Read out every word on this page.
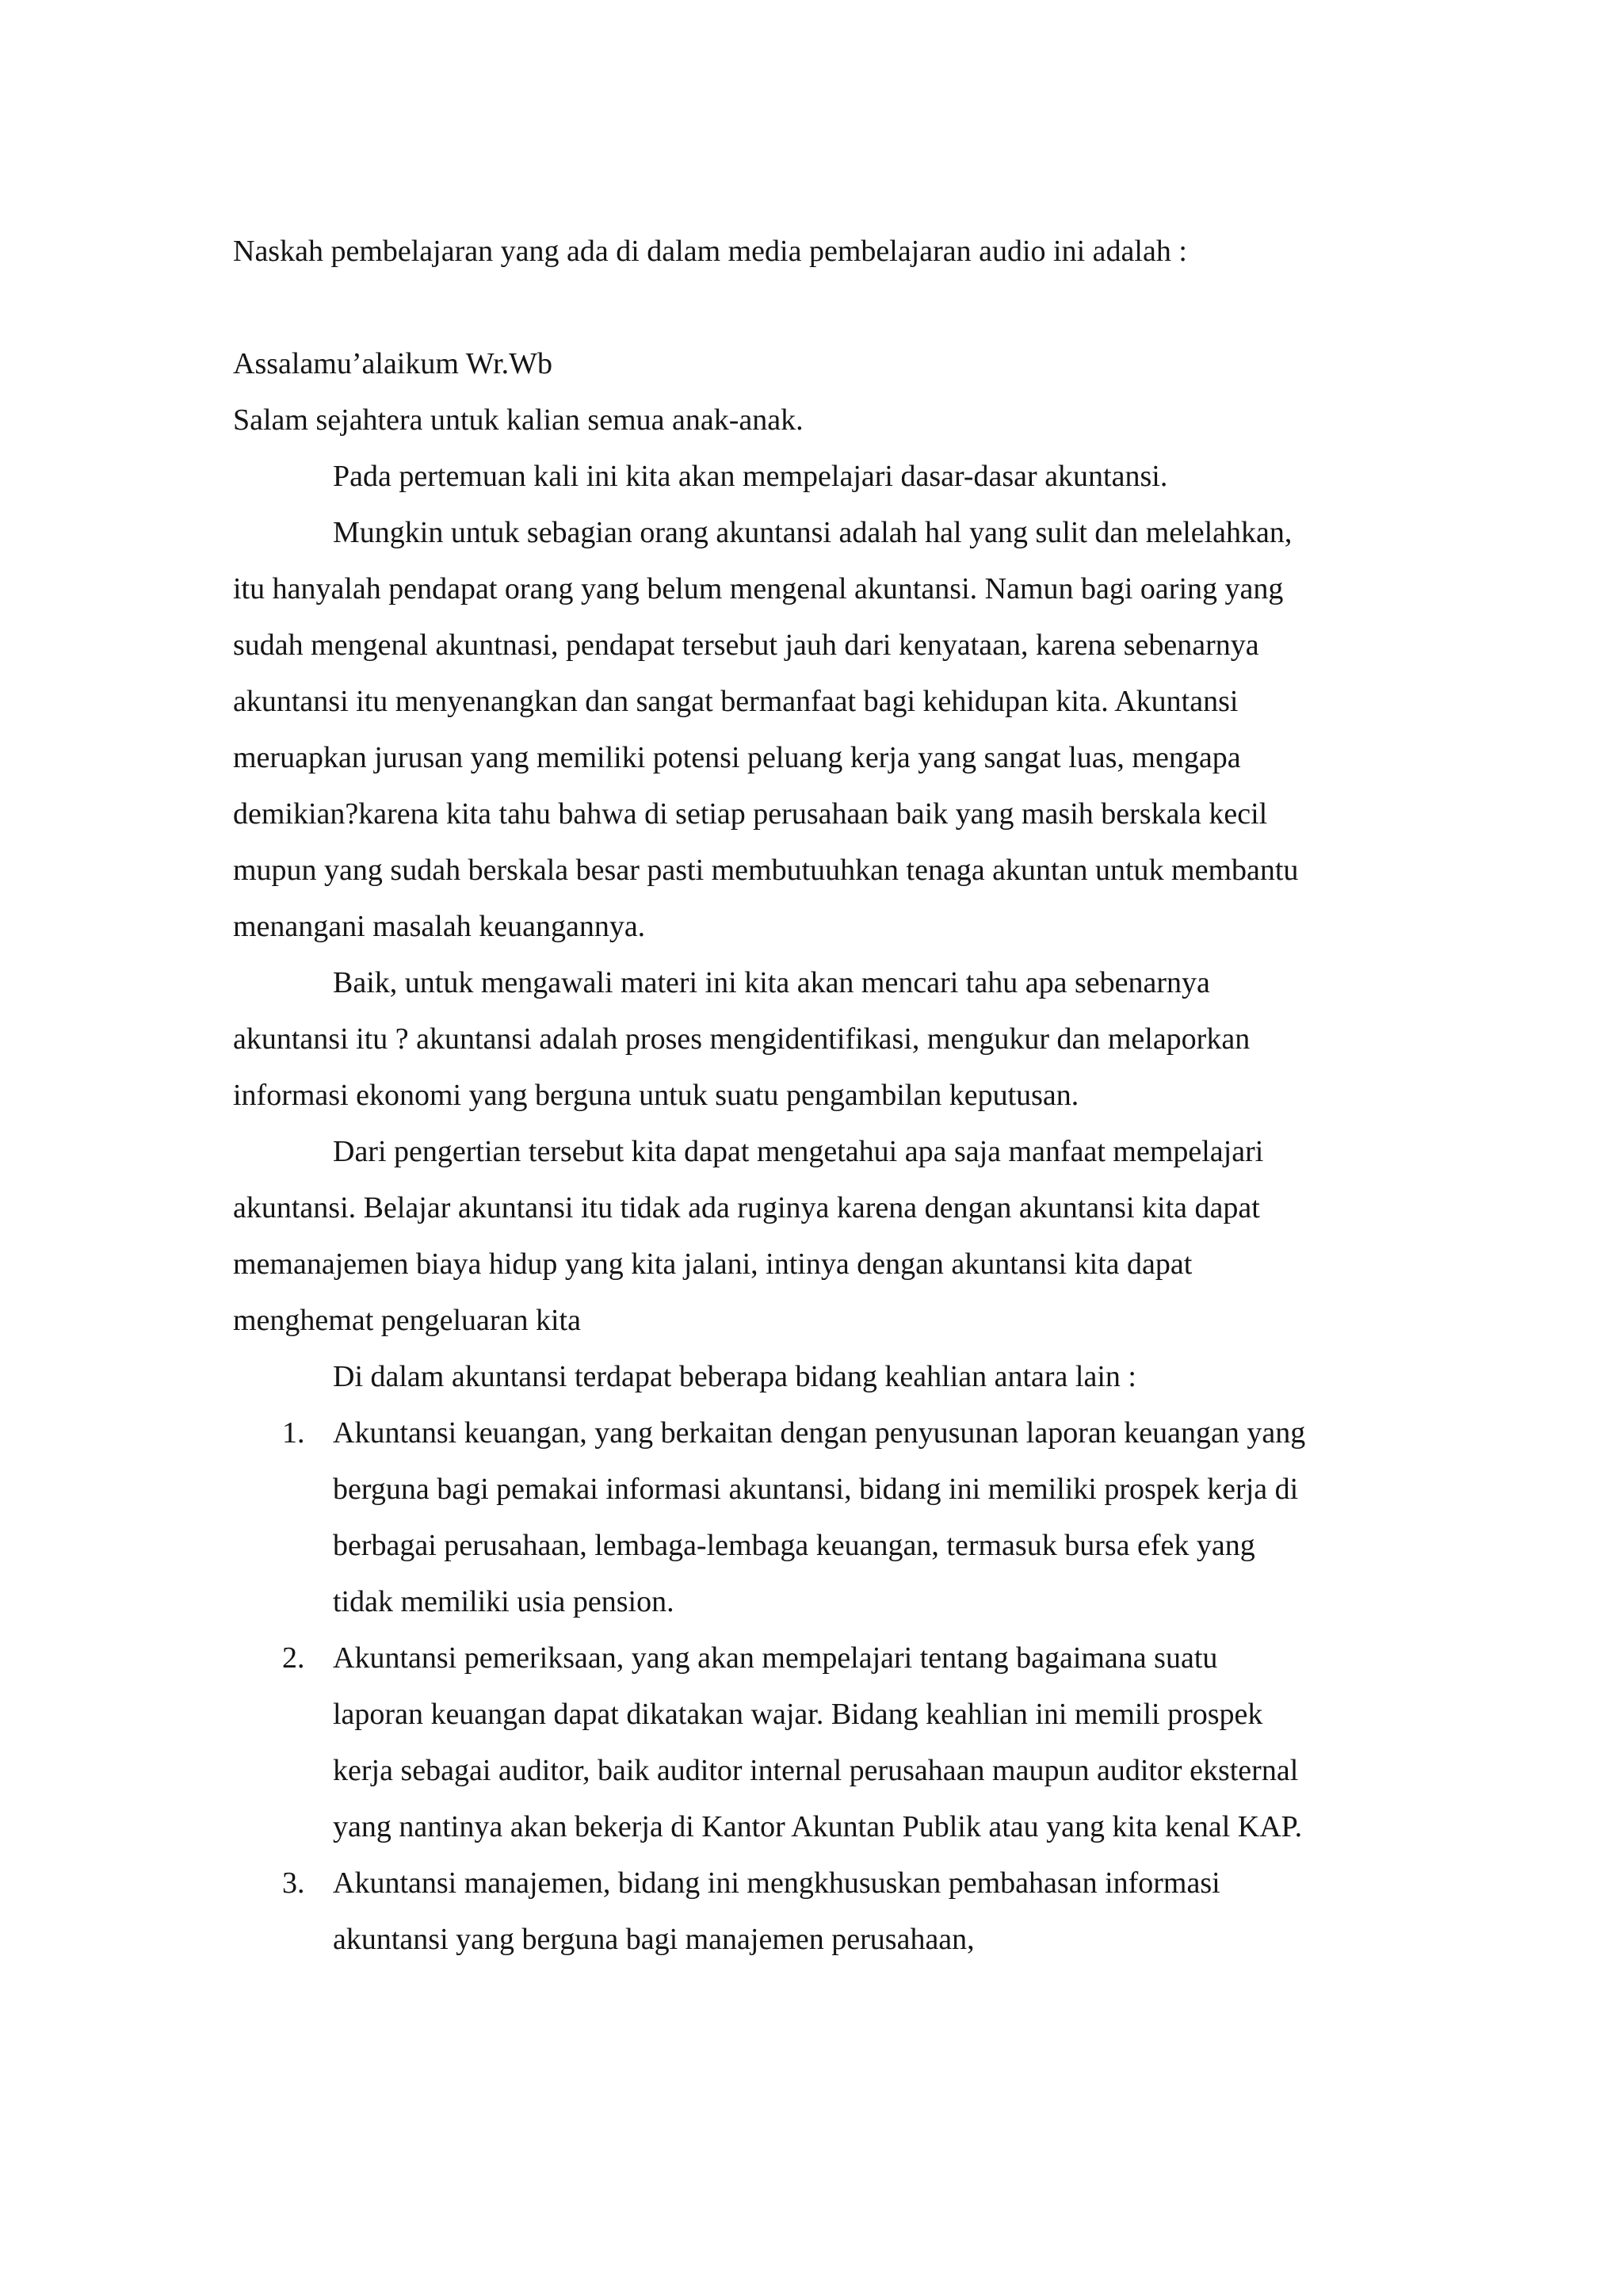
Naskah pembelajaran yang ada di dalam media pembelajaran audio ini adalah :

Assalamu’alaikum Wr.Wb

Salam sejahtera untuk kalian semua anak-anak.

Pada pertemuan kali ini kita akan mempelajari dasar-dasar akuntansi.

Mungkin untuk sebagian orang akuntansi adalah hal yang sulit dan melelahkan,
itu hanyalah pendapat orang yang belum mengenal akuntansi. Namun bagi oaring yang
sudah mengenal akuntnasi, pendapat tersebut jauh dari kenyataan, karena sebenarnya
akuntansi itu menyenangkan dan sangat bermanfaat bagi kehidupan kita. Akuntansi
meruapkan jurusan yang memiliki potensi peluang kerja yang sangat luas, mengapa
demikian?karena kita tahu bahwa di setiap perusahaan baik yang masih berskala kecil
mupun yang sudah berskala besar pasti membutuuhkan tenaga akuntan untuk membantu
menangani masalah keuangannya.
Baik, untuk mengawali materi ini kita akan mencari tahu apa sebenarnya
akuntansi itu ? akuntansi adalah proses mengidentifikasi, mengukur dan melaporkan
informasi ekonomi yang berguna untuk suatu pengambilan keputusan.
Dari pengertian tersebut kita dapat mengetahui apa saja manfaat mempelajari
akuntansi. Belajar akuntansi itu tidak ada ruginya karena dengan akuntansi kita dapat
memanajemen biaya hidup yang kita jalani, intinya dengan akuntansi kita dapat
menghemat pengeluaran kita

Di dalam akuntansi terdapat beberapa bidang keahlian antara lain :

1. Akuntansi keuangan, yang berkaitan dengan penyusunan laporan keuangan yang
berguna bagi pemakai informasi akuntansi, bidang ini memiliki prospek kerja di
berbagai perusahaan, lembaga-lembaga keuangan, termasuk bursa efek yang
tidak memiliki usia pension.
2. Akuntansi pemeriksaan, yang akan mempelajari tentang bagaimana suatu
laporan keuangan dapat dikatakan wajar. Bidang keahlian ini memili prospek
kerja sebagai auditor, baik auditor internal perusahaan maupun auditor eksternal
yang nantinya akan bekerja di Kantor Akuntan Publik atau yang kita kenal KAP.
3. Akuntansi manajemen, bidang ini mengkhususkan pembahasan informasi
akuntansi yang berguna bagi manajemen perusahaan,
